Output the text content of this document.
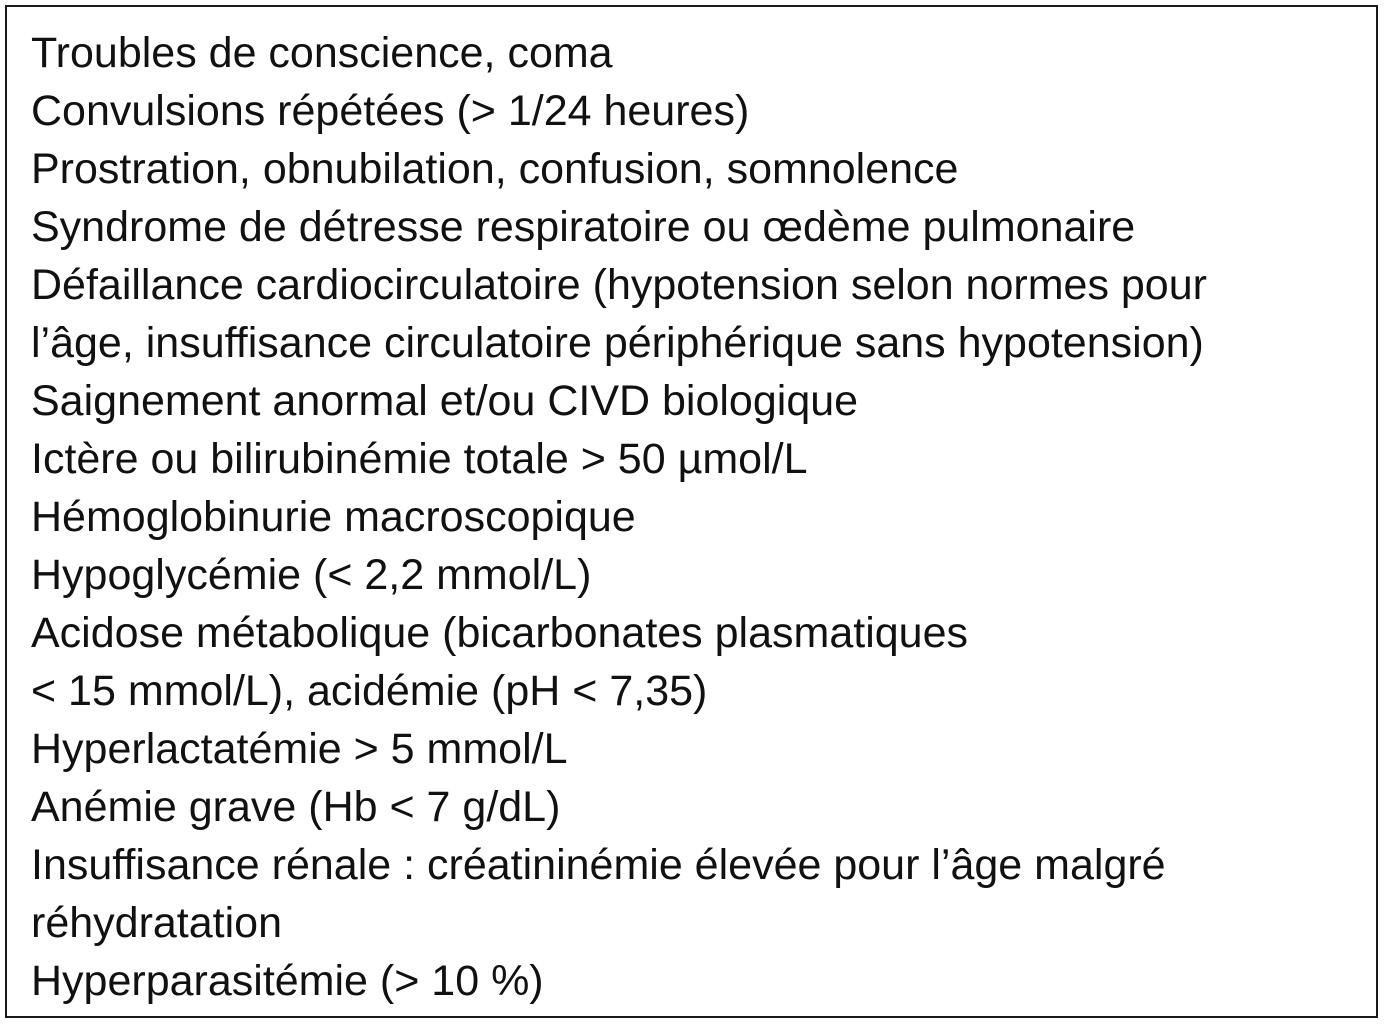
Troubles de conscience, coma
Convulsions répétées (> 1/24 heures)
Prostration, obnubilation, confusion, somnolence
Syndrome de détresse respiratoire ou œdème pulmonaire
Défaillance cardiocirculatoire (hypotension selon normes pour
l’âge, insuffisance circulatoire périphérique sans hypotension)
Saignement anormal et/ou CIVD biologique
Ictère ou bilirubinémie totale > 50 µmol/L
Hémoglobinurie macroscopique
Hypoglycémie (< 2,2 mmol/L)
Acidose métabolique (bicarbonates plasmatiques
< 15 mmol/L), acidémie (pH < 7,35)
Hyperlactatémie > 5 mmol/L
Anémie grave (Hb < 7 g/dL)
Insuffisance rénale : créatininémie élevée pour l’âge malgré
réhydratation
Hyperparasitémie (> 10 %)
